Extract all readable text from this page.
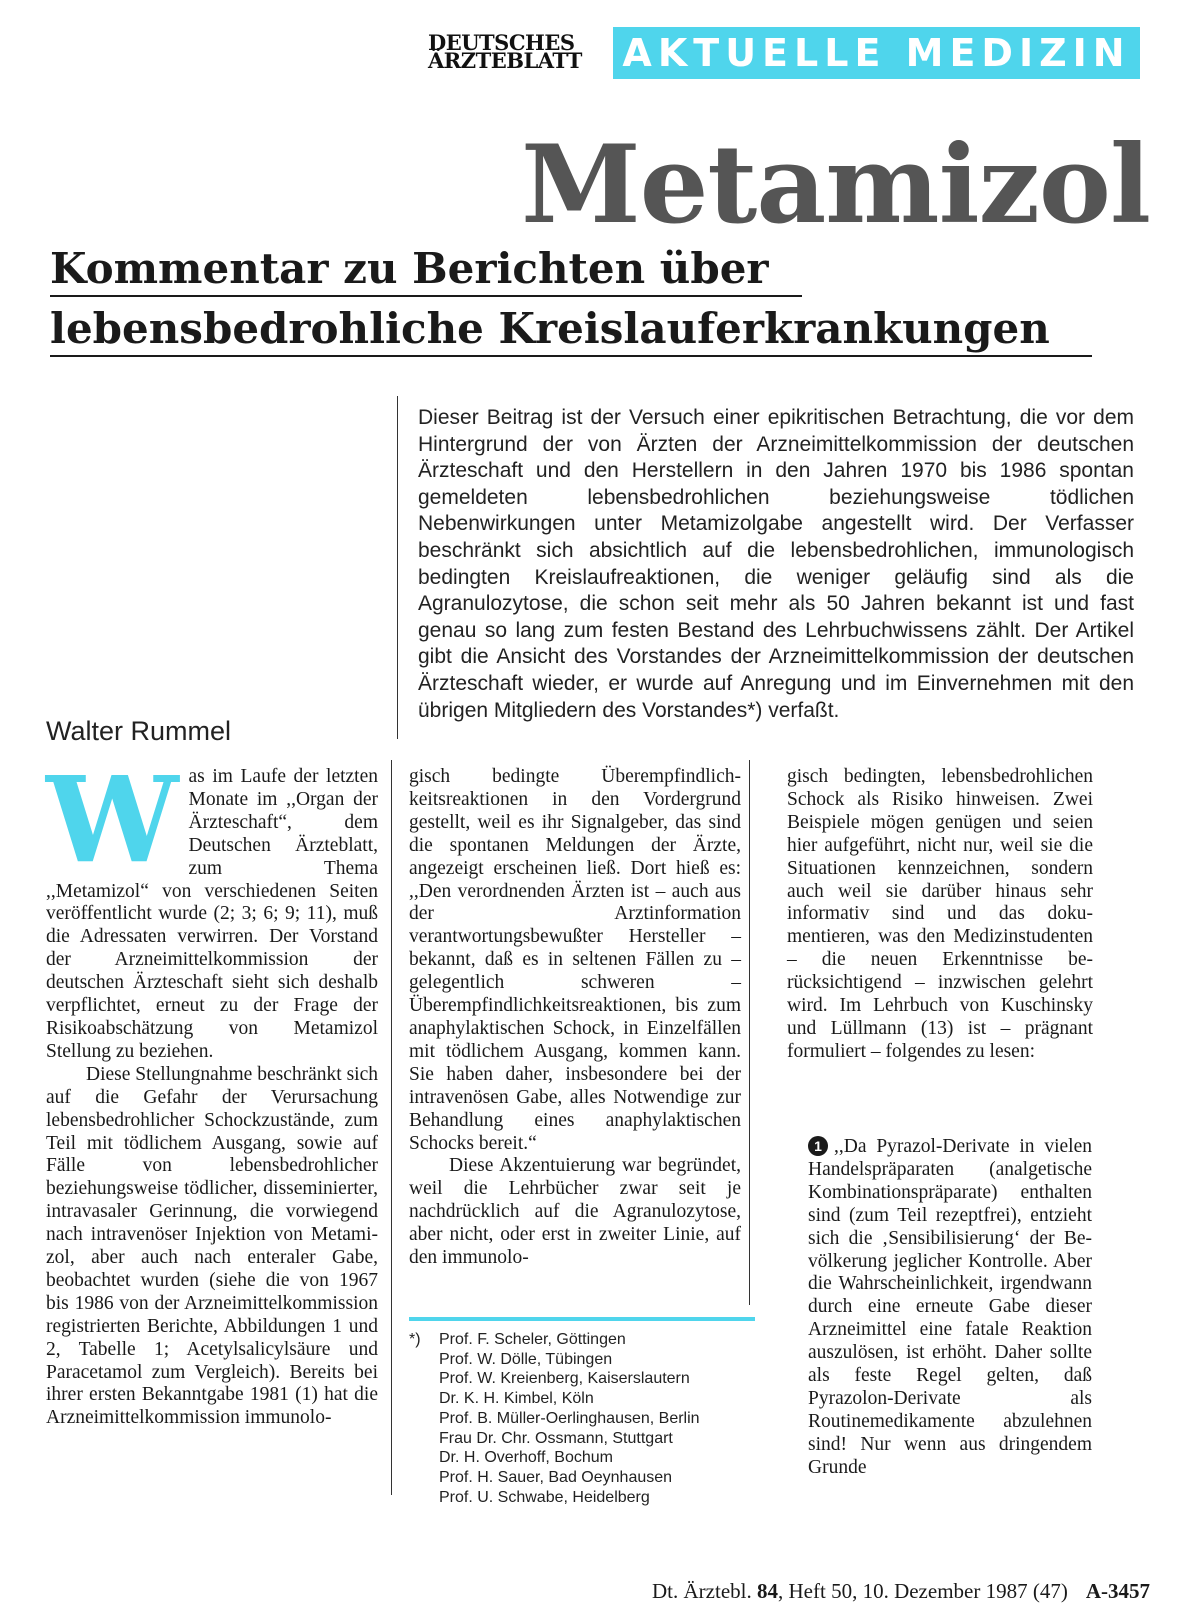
DEUTSCHES
ÄRZTEBLATT	AKTUELLE MEDIZIN
Metamizol
Kommentar zu Berichten über
lebensbedrohliche Kreislauferkrankungen
Walter Rummel
Dieser Beitrag ist der Versuch einer epikritischen Betrachtung, die vor dem Hintergrund der von Ärzten der Arzneimittelkommission der deutschen Ärzteschaft und den Herstellern in den Jahren 1970 bis 1986 spontan gemeldeten lebensbedrohlichen beziehungsweise tödlichen Nebenwirkungen unter Metamizolgabe angestellt wird. Der Verfasser beschränkt sich absichtlich auf die lebensbedrohlichen, immunologisch bedingten Kreislaufreaktionen, die weniger geläufig sind als die Agranulozytose, die schon seit mehr als 50 Jahren bekannt ist und fast genau so lang zum festen Bestand des Lehrbuchwissens zählt. Der Artikel gibt die Ansicht des Vorstandes der Arzneimittelkommission der deutschen Ärzteschaft wieder, er wurde auf Anregung und im Einvernehmen mit den übrigen Mitgliedern des Vorstandes*) verfaßt.
W as im Laufe der letzten Monate im ,,Organ der Ärzteschaft“, dem Deutschen Ärzteblatt, zum Thema ,,Metamizol“ von verschiedenen Seiten veröffentlicht wurde (2; 3; 6; 9; 11), muß die Adressaten verwirren. Der Vorstand der Arzneimittelkommission der deutschen Ärzteschaft sieht sich deshalb verpflichtet, erneut zu der Frage der Risikoabschätzung von Metamizol Stellung zu beziehen.

Diese Stellungnahme beschränkt sich auf die Gefahr der Verursachung lebensbedrohlicher Schockzustände, zum Teil mit tödlichem Ausgang, sowie auf Fälle von lebensbedrohlicher beziehungsweise tödlicher, disseminierter, intravasaler Gerinnung, die vorwiegend nach intravenöser Injektion von Metamizol, aber auch nach enteraler Gabe, beobachtet wurden (siehe die von 1967 bis 1986 von der Arzneimittelkommission registrierten Berichte, Abbildungen 1 und 2, Tabelle 1; Acetylsalicylsäure und Paracetamol zum Vergleich). Bereits bei ihrer ersten Bekanntgabe 1981 (1) hat die Arzneimittelkommission immunolo-

gisch bedingte Überempfindlichkeitsreaktionen in den Vordergrund gestellt, weil es ihr Signalgeber, das sind die spontanen Meldungen der Ärzte, angezeigt erscheinen ließ. Dort hieß es: ,,Den verordnenden Ärzten ist – auch aus der Arztinformation verantwortungsbewußter Hersteller – bekannt, daß es in seltenen Fällen zu – gelegentlich schweren – Überempfindlichkeitsreaktionen, bis zum anaphylaktischen Schock, in Einzelfällen mit tödlichem Ausgang, kommen kann. Sie haben daher, insbesondere bei der intravenösen Gabe, alles Notwendige zur Behandlung eines anaphylaktischen Schocks bereit.“

Diese Akzentuierung war begründet, weil die Lehrbücher zwar seit je nachdrücklich auf die Agranulozytose, aber nicht, oder erst in zweiter Linie, auf den immunolo-

*) Prof. F. Scheler, Göttingen
Prof. W. Dölle, Tübingen
Prof. W. Kreienberg, Kaiserslautern
Dr. K. H. Kimbel, Köln
Prof. B. Müller-Oerlinghausen, Berlin
Frau Dr. Chr. Ossmann, Stuttgart
Dr. H. Overhoff, Bochum
Prof. H. Sauer, Bad Oeynhausen
Prof. U. Schwabe, Heidelberg

gisch bedingten, lebensbedrohlichen Schock als Risiko hinweisen. Zwei Beispiele mögen genügen und seien hier aufgeführt, nicht nur, weil sie die Situationen kennzeichnen, sondern auch weil sie darüber hinaus sehr informativ sind und das dokumentieren, was den Medizinstudenten – die neuen Erkenntnisse berücksichtigend – inzwischen gelehrt wird. Im Lehrbuch von Kuschinsky und Lüllmann (13) ist – prägnant formuliert – folgendes zu lesen:

1 ,,Da Pyrazol-Derivate in vielen Handelspräparaten (analgetische Kombinationspräparate) enthalten sind (zum Teil rezeptfrei), entzieht sich die ‚Sensibilisierung‘ der Bevölkerung jeglicher Kontrolle. Aber die Wahrscheinlichkeit, irgendwann durch eine erneute Gabe dieser Arzneimittel eine fatale Reaktion auszulösen, ist erhöht. Daher sollte als feste Regel gelten, daß Pyrazolon-Derivate als Routinemedikamente abzulehnen sind! Nur wenn aus dringendem Grunde

Dt. Ärztebl. 84, Heft 50, 10. Dezember 1987 (47) A-3457
